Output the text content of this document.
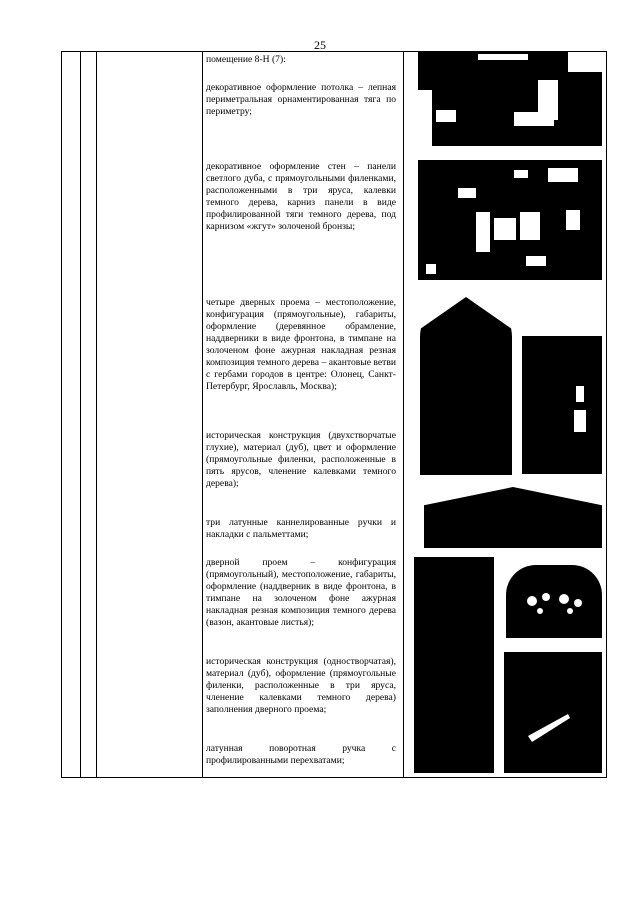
25
помещение 8-Н (7):
декоративное оформление потолка – лепная периметральная орнаментированная тяга по периметру;
декоративное оформление стен – панели светлого дуба, с прямоугольными филенками, расположенными в три яруса, калевки темного дерева, карниз панели в виде профилированной тяги темного дерева, под карнизом «жгут» золоченой бронзы;
четыре дверных проема – местоположение, конфигурация (прямоугольные), габариты, оформление (деревянное обрамление, наддверники в виде фронтона, в тимпане на золоченом фоне ажурная накладная резная композиция темного дерева – акантовые ветви с гербами городов в центре: Олонец, Санкт-Петербург, Ярославль, Москва);
историческая конструкция (двухстворчатые глухие), материал (дуб), цвет и оформление (прямоугольные филенки, расположенные в пять ярусов, членение калевками темного дерева);
три латунные каннелированные ручки и накладки с пальметтами;
дверной проем – конфигурация (прямоугольный), местоположение, габариты, оформление (наддверник в виде фронтона, в тимпане на золоченом фоне ажурная накладная резная композиция темного дерева (вазон, акантовые листья);
историческая конструкция (одностворчатая), материал (дуб), оформление (прямоугольные филенки, расположенные в три яруса, членение калевками темного дерева) заполнения дверного проема;
латунная поворотная ручка с профилированными перехватами;
